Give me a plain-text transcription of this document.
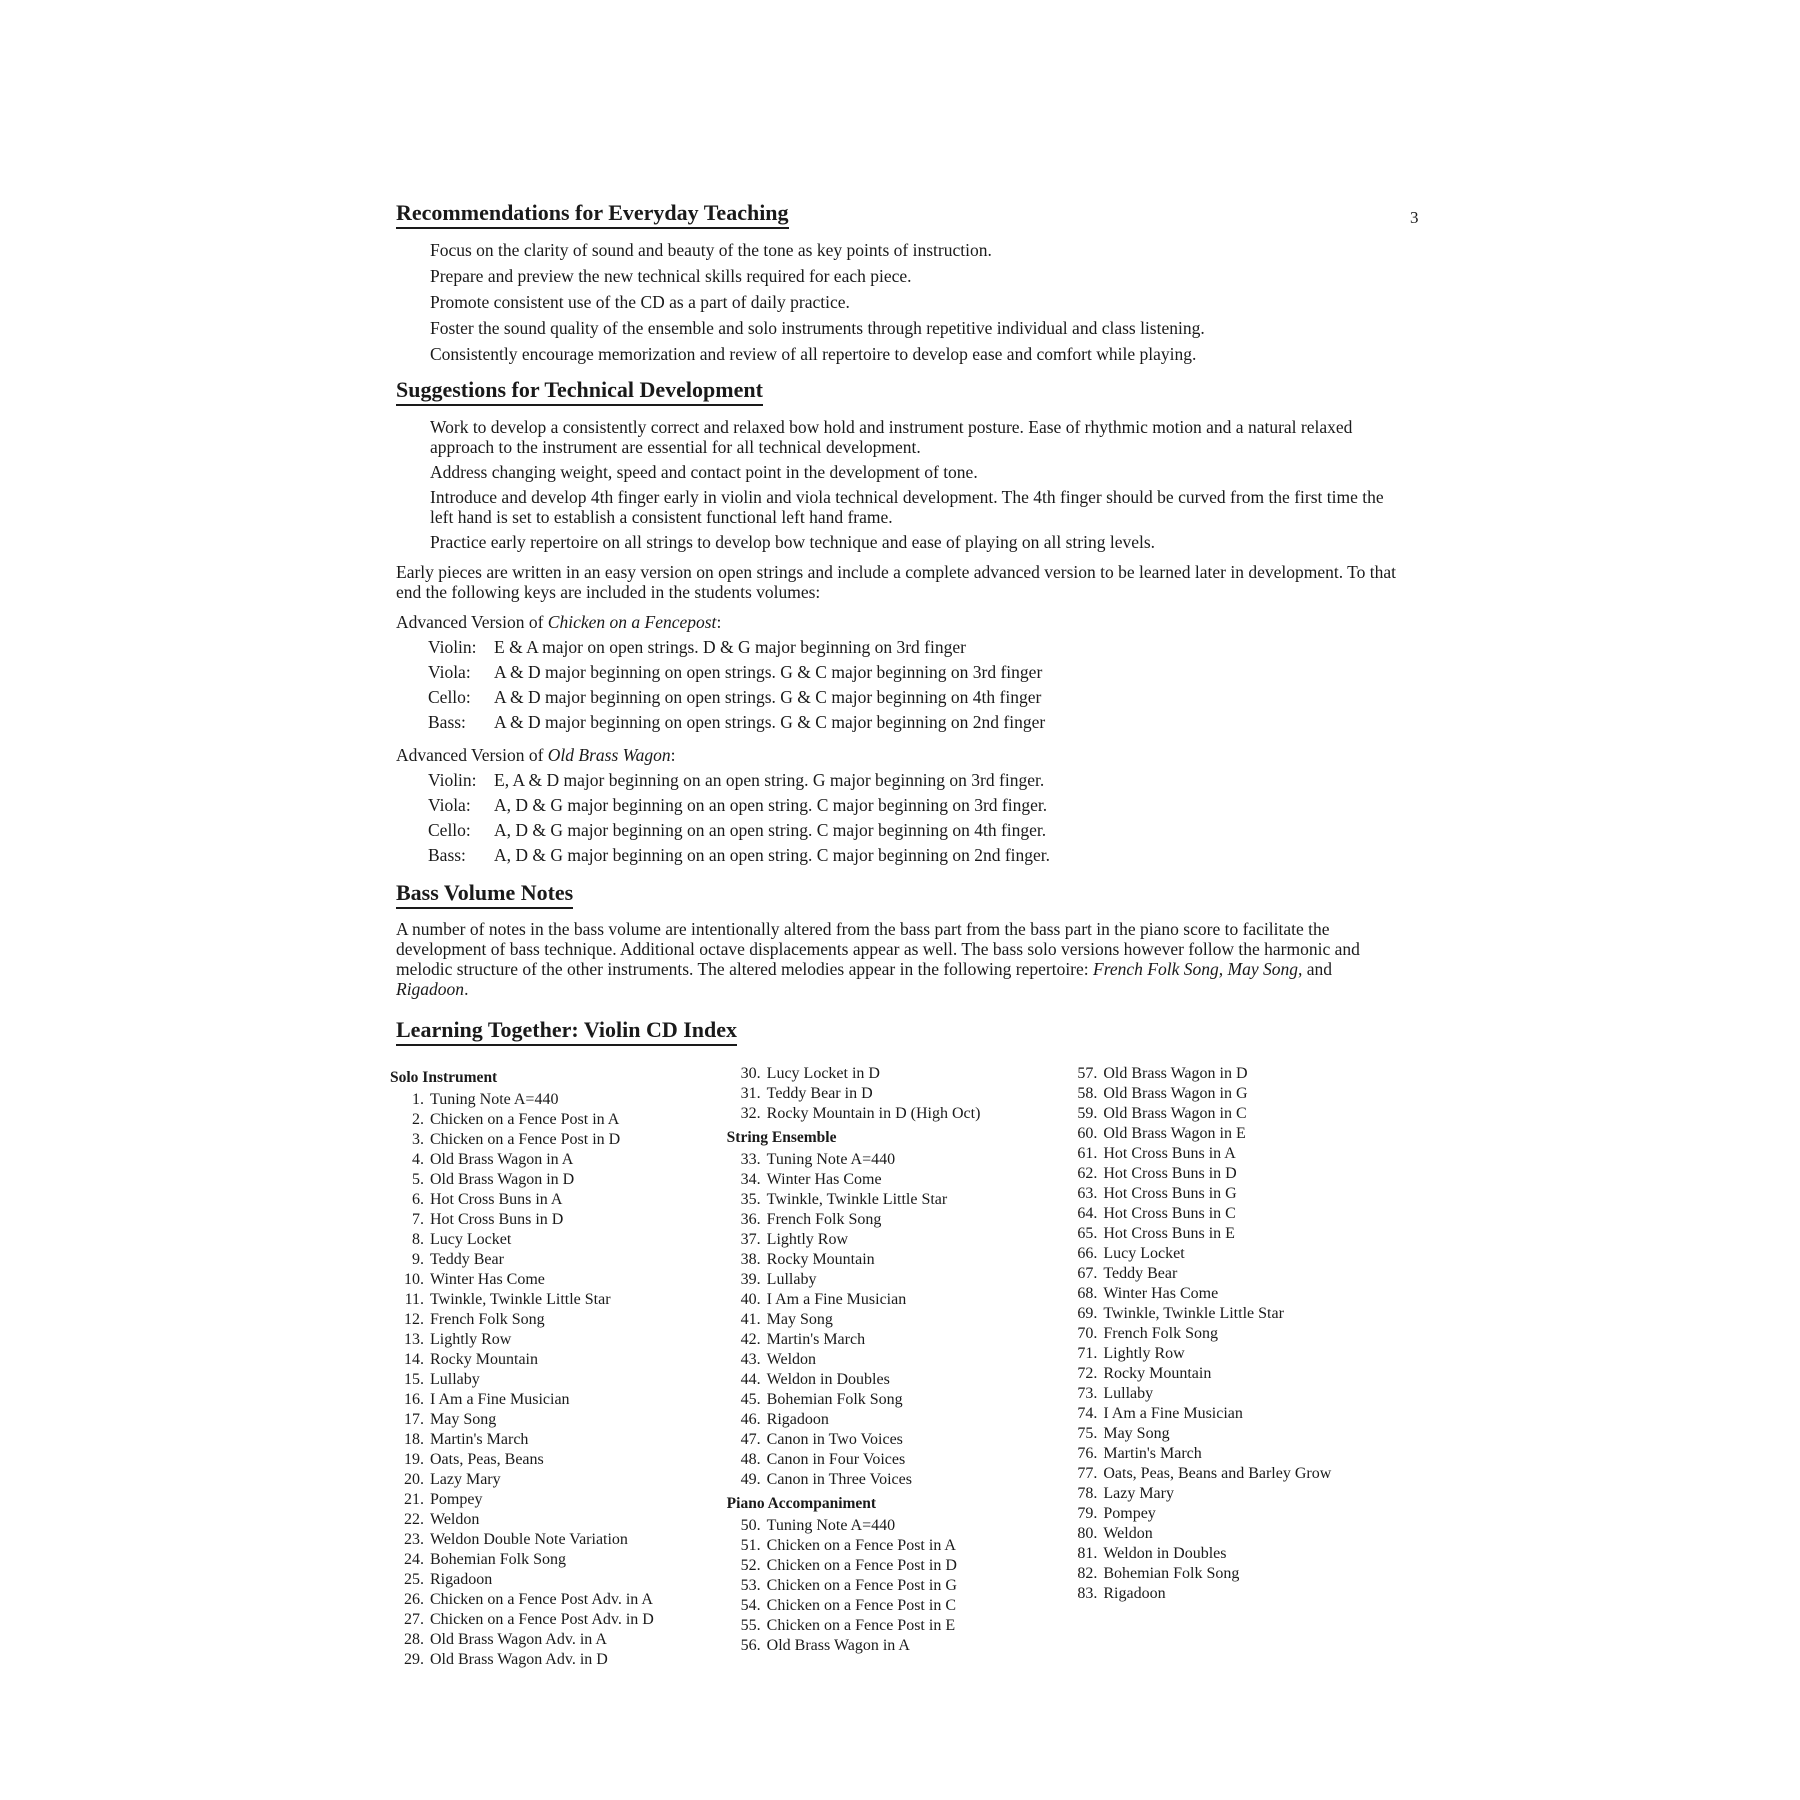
3
Recommendations for Everyday Teaching
Focus on the clarity of sound and beauty of the tone as key points of instruction.
Prepare and preview the new technical skills required for each piece.
Promote consistent use of the CD as a part of daily practice.
Foster the sound quality of the ensemble and solo instruments through repetitive individual and class listening.
Consistently encourage memorization and review of all repertoire to develop ease and comfort while playing.
Suggestions for Technical Development
Work to develop a consistently correct and relaxed bow hold and instrument posture. Ease of rhythmic motion and a natural relaxed approach to the instrument are essential for all technical development.
Address changing weight, speed and contact point in the development of tone.
Introduce and develop 4th finger early in violin and viola technical development. The 4th finger should be curved from the first time the left hand is set to establish a consistent functional left hand frame.
Practice early repertoire on all strings to develop bow technique and ease of playing on all string levels.
Early pieces are written in an easy version on open strings and include a complete advanced version to be learned later in development. To that end the following keys are included in the students volumes:
Advanced Version of Chicken on a Fencepost:
Violin: E & A major on open strings. D & G major beginning on 3rd finger
Viola:	A & D major beginning on open strings. G & C major beginning on 3rd finger
Cello:	A & D major beginning on open strings. G & C major beginning on 4th finger
Bass:	A & D major beginning on open strings. G & C major beginning on 2nd finger
Advanced Version of Old Brass Wagon:
Violin: E, A & D major beginning on an open string. G major beginning on 3rd finger.
Viola:	A, D & G major beginning on an open string. C major beginning on 3rd finger.
Cello:	A, D & G major beginning on an open string. C major beginning on 4th finger.
Bass:	A, D & G major beginning on an open string. C major beginning on 2nd finger.
Bass Volume Notes
A number of notes in the bass volume are intentionally altered from the bass part from the bass part in the piano score to facilitate the development of bass technique. Additional octave displacements appear as well. The bass solo versions however follow the harmonic and melodic structure of the other instruments. The altered melodies appear in the following repertoire: French Folk Song, May Song, and Rigadoon.
Learning Together: Violin CD Index
Solo Instrument
1. Tuning Note A=440
2. Chicken on a Fence Post in A
3. Chicken on a Fence Post in D
4. Old Brass Wagon in A
5. Old Brass Wagon in D
6. Hot Cross Buns in A
7. Hot Cross Buns in D
8. Lucy Locket
9. Teddy Bear
10. Winter Has Come
11. Twinkle, Twinkle Little Star
12. French Folk Song
13. Lightly Row
14. Rocky Mountain
15. Lullaby
16. I Am a Fine Musician
17. May Song
18. Martin's March
19. Oats, Peas, Beans
20. Lazy Mary
21. Pompey
22. Weldon
23. Weldon Double Note Variation
24. Bohemian Folk Song
25. Rigadoon
26. Chicken on a Fence Post Adv. in A
27. Chicken on a Fence Post Adv. in D
28. Old Brass Wagon Adv. in A
29. Old Brass Wagon Adv. in D
30. Lucy Locket in D
31. Teddy Bear in D
32. Rocky Mountain in D (High Oct)
String Ensemble
33. Tuning Note A=440
34. Winter Has Come
35. Twinkle, Twinkle Little Star
36. French Folk Song
37. Lightly Row
38. Rocky Mountain
39. Lullaby
40. I Am a Fine Musician
41. May Song
42. Martin's March
43. Weldon
44. Weldon in Doubles
45. Bohemian Folk Song
46. Rigadoon
47. Canon in Two Voices
48. Canon in Four Voices
49. Canon in Three Voices
Piano Accompaniment
50. Tuning Note A=440
51. Chicken on a Fence Post in A
52. Chicken on a Fence Post in D
53. Chicken on a Fence Post in G
54. Chicken on a Fence Post in C
55. Chicken on a Fence Post in E
56. Old Brass Wagon in A
57. Old Brass Wagon in D
58. Old Brass Wagon in G
59. Old Brass Wagon in C
60. Old Brass Wagon in E
61. Hot Cross Buns in A
62. Hot Cross Buns in D
63. Hot Cross Buns in G
64. Hot Cross Buns in C
65. Hot Cross Buns in E
66. Lucy Locket
67. Teddy Bear
68. Winter Has Come
69. Twinkle, Twinkle Little Star
70. French Folk Song
71. Lightly Row
72. Rocky Mountain
73. Lullaby
74. I Am a Fine Musician
75. May Song
76. Martin's March
77. Oats, Peas, Beans and Barley Grow
78. Lazy Mary
79. Pompey
80. Weldon
81. Weldon in Doubles
82. Bohemian Folk Song
83. Rigadoon
